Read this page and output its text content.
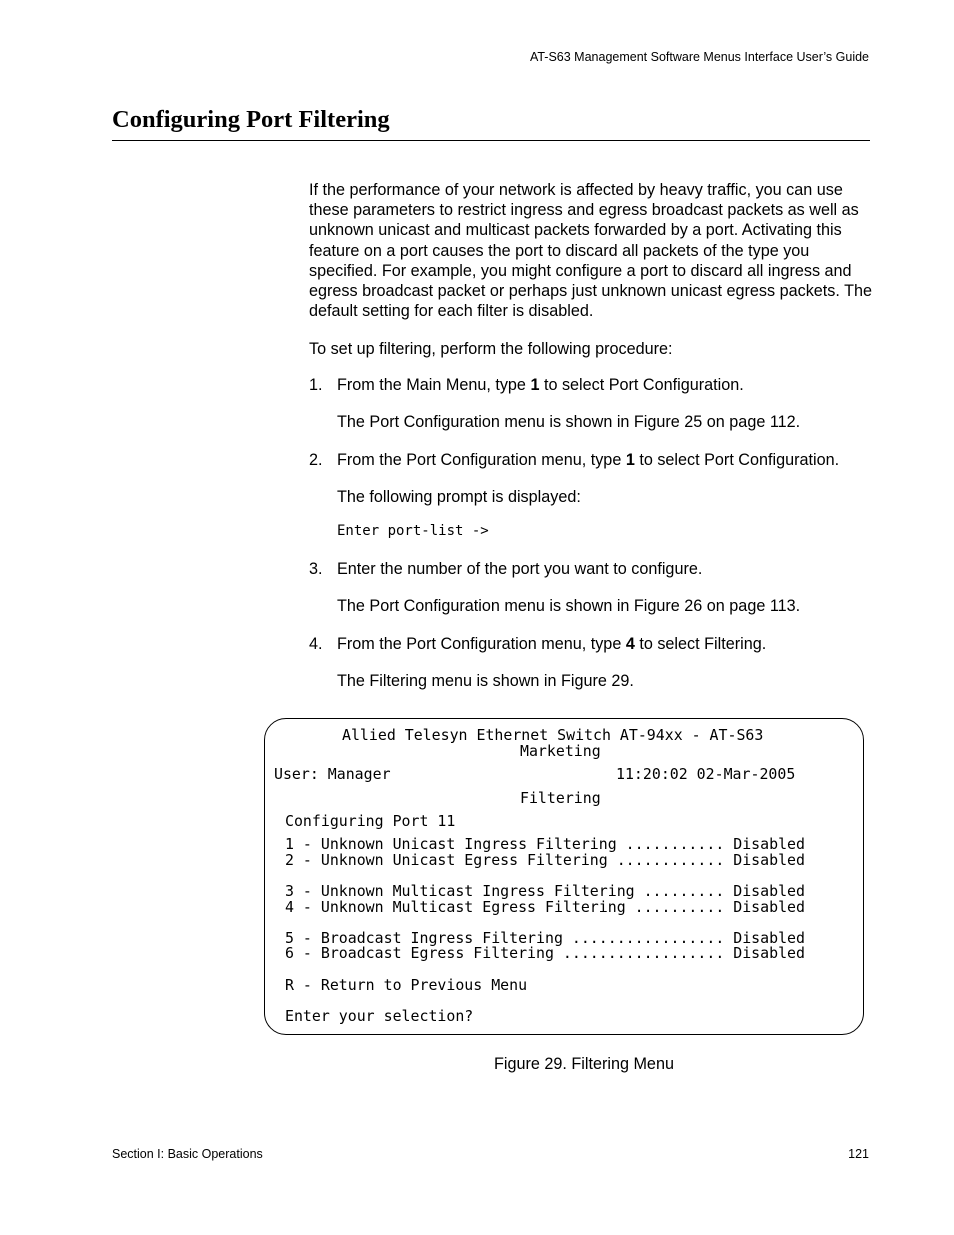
AT-S63 Management Software Menus Interface User’s Guide
Configuring Port Filtering

If the performance of your network is affected by heavy traffic, you can use these parameters to restrict ingress and egress broadcast packets as well as unknown unicast and multicast packets forwarded by a port. Activating this feature on a port causes the port to discard all packets of the type you specified. For example, you might configure a port to discard all ingress and egress broadcast packet or perhaps just unknown unicast egress packets. The default setting for each filter is disabled.

To set up filtering, perform the following procedure:

1. From the Main Menu, type 1 to select Port Configuration.
The Port Configuration menu is shown in Figure 25 on page 112.
2. From the Port Configuration menu, type 1 to select Port Configuration.
The following prompt is displayed:
Enter port-list ->
3. Enter the number of the port you want to configure.
The Port Configuration menu is shown in Figure 26 on page 113.
4. From the Port Configuration menu, type 4 to select Filtering.
The Filtering menu is shown in Figure 29.
Allied Telesyn Ethernet Switch AT-94xx - AT-S63
Marketing
User: Manager	11:20:02 02-Mar-2005
Filtering
Configuring Port 11
1 - Unknown Unicast Ingress Filtering ........... Disabled
2 - Unknown Unicast Egress Filtering ............ Disabled
3 - Unknown Multicast Ingress Filtering ......... Disabled
4 - Unknown Multicast Egress Filtering .......... Disabled
5 - Broadcast Ingress Filtering ................. Disabled
6 - Broadcast Egress Filtering .................. Disabled
R - Return to Previous Menu
Enter your selection?
Figure 29. Filtering Menu
Section I: Basic Operations	121
